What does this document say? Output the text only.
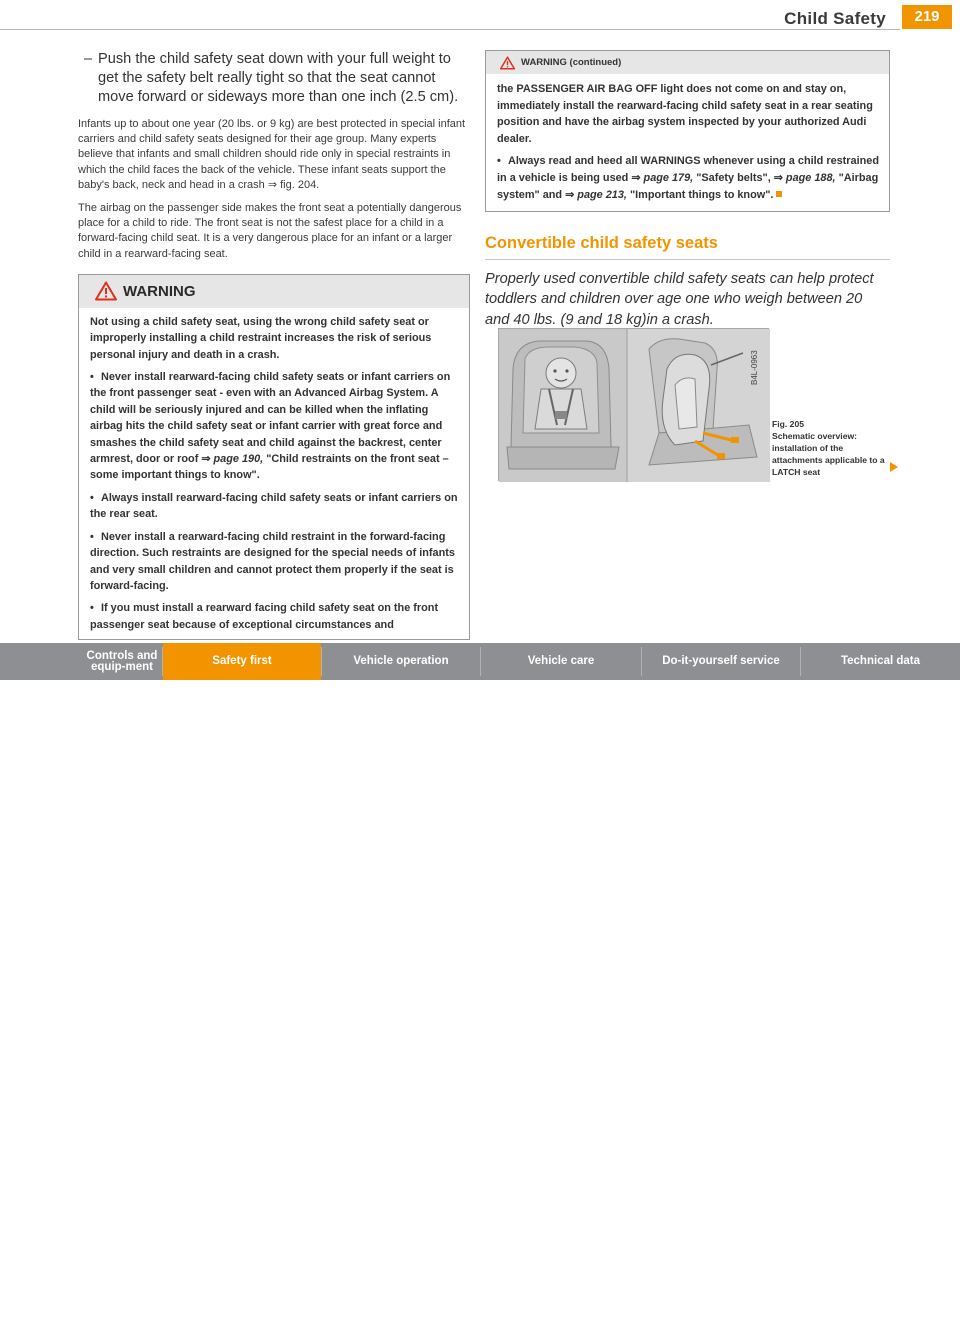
Child Safety	219
– Push the child safety seat down with your full weight to get the safety belt really tight so that the seat cannot move forward or sideways more than one inch (2.5 cm).

Infants up to about one year (20 lbs. or 9 kg) are best protected in special infant carriers and child safety seats designed for their age group. Many experts believe that infants and small children should ride only in special restraints in which the child faces the back of the vehicle. These infant seats support the baby's back, neck and head in a crash ⇒ fig. 204.

The airbag on the passenger side makes the front seat a potentially dangerous place for a child to ride. The front seat is not the safest place for a child in a forward-facing child seat. It is a very dangerous place for an infant or a larger child in a rearward-facing seat.

WARNING

Not using a child safety seat, using the wrong child safety seat or improperly installing a child restraint increases the risk of serious personal injury and death in a crash.

• Never install rearward-facing child safety seats or infant carriers on the front passenger seat - even with an Advanced Airbag System. A child will be seriously injured and can be killed when the inflating airbag hits the child safety seat or infant carrier with great force and smashes the child safety seat and child against the backrest, center armrest, door or roof ⇒ page 190, "Child restraints on the front seat – some important things to know".

• Always install rearward-facing child safety seats or infant carriers on the rear seat.

• Never install a rearward-facing child restraint in the forward-facing direction. Such restraints are designed for the special needs of infants and very small children and cannot protect them properly if the seat is forward-facing.

• If you must install a rearward facing child safety seat on the front passenger seat because of exceptional circumstances and

WARNING (continued)

the PASSENGER AIR BAG OFF light does not come on and stay on, immediately install the rearward-facing child safety seat in a rear seating position and have the airbag system inspected by your authorized Audi dealer.

• Always read and heed all WARNINGS whenever using a child restrained in a vehicle is being used ⇒ page 179, "Safety belts", ⇒ page 188, "Airbag system" and ⇒ page 213, "Important things to know".

Convertible child safety seats

Properly used convertible child safety seats can help protect toddlers and children over age one who weigh between 20 and 40 lbs. (9 and 18 kg)in a crash.

B4L-0963
Fig. 205
Schematic overview: installation of the attachments applicable to a LATCH seat
Controls and equip-ment	Safety first	Vehicle operation	Vehicle care	Do-it-yourself service	Technical data
carmanualsonline.info
